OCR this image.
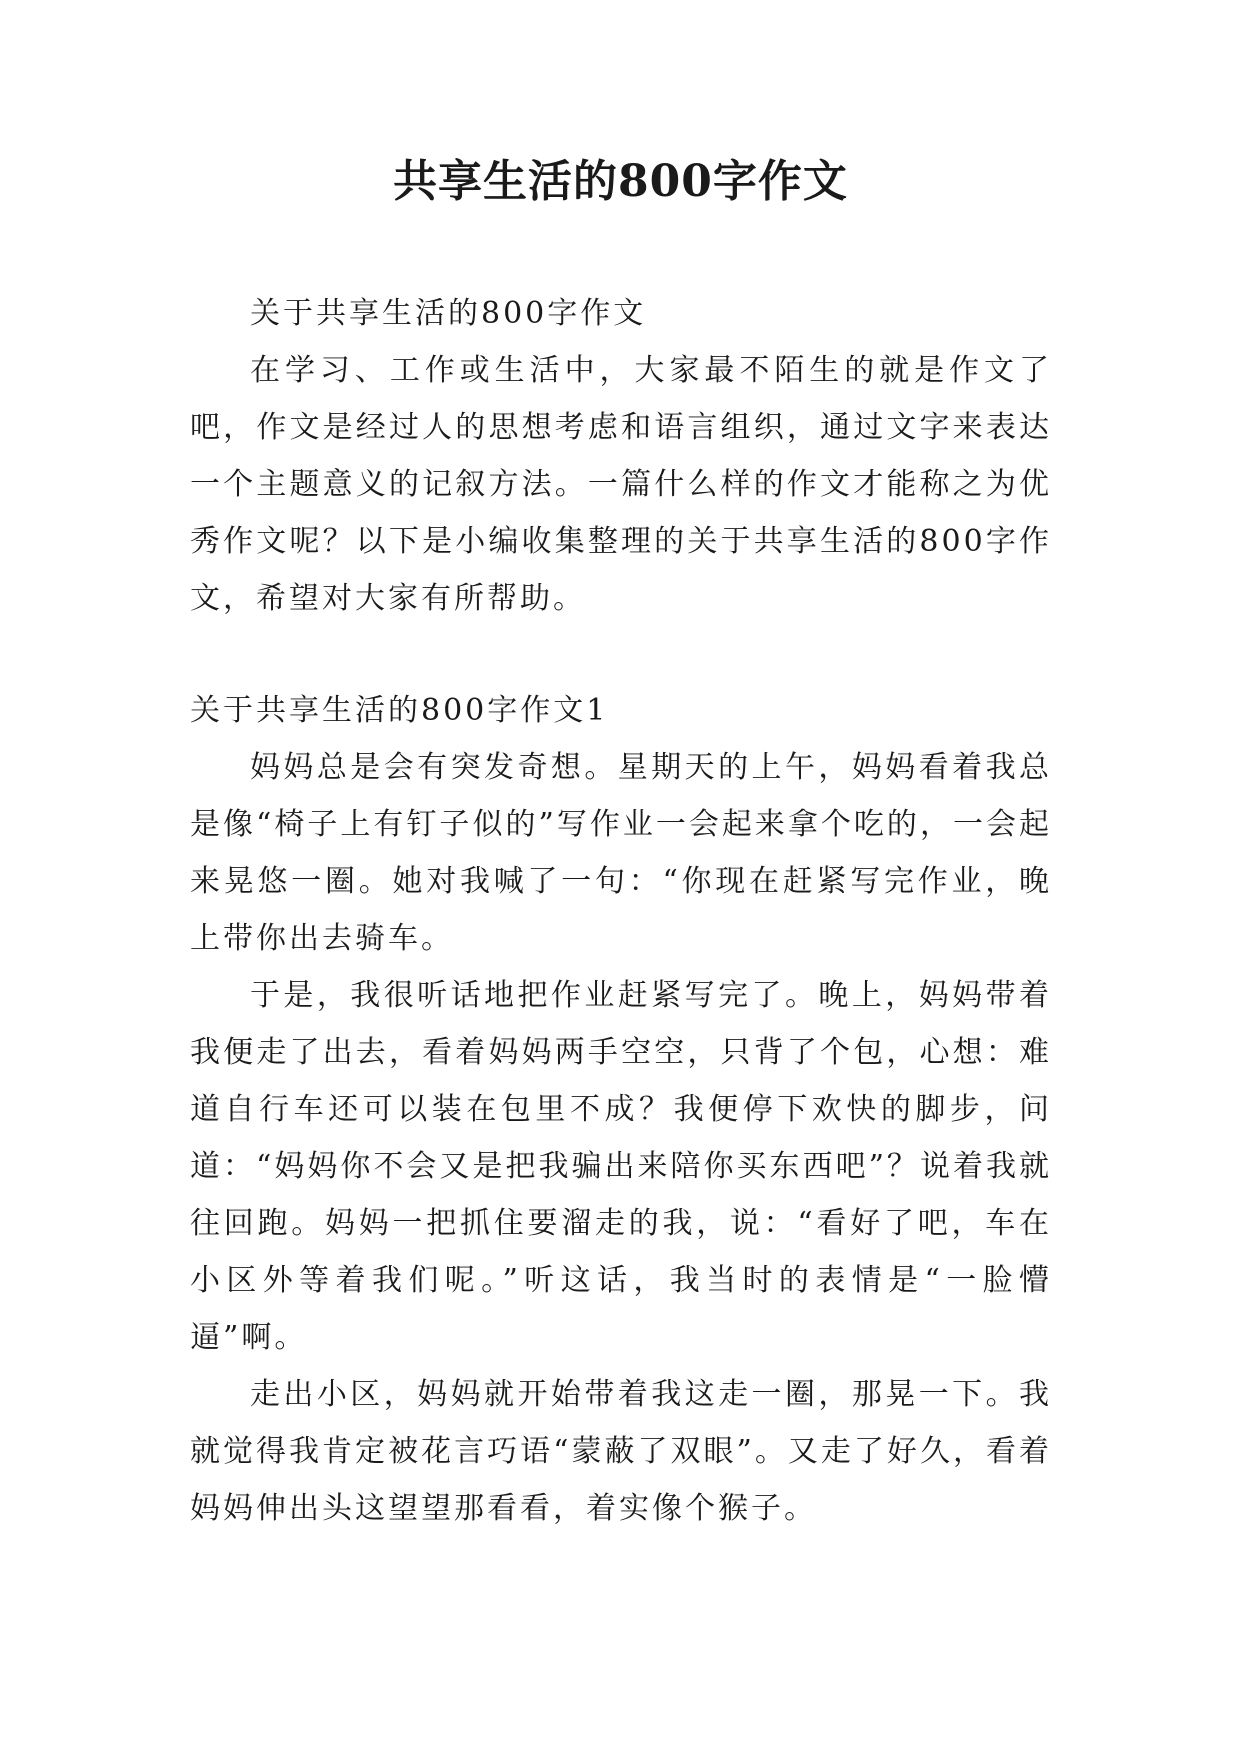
共享生活的800字作文

关于共享生活的800字作文

在学习、工作或生活中，大家最不陌生的就是作文了吧，作文是经过人的思想考虑和语言组织，通过文字来表达一个主题意义的记叙方法。一篇什么样的作文才能称之为优秀作文呢？以下是小编收集整理的关于共享生活的800字作文，希望对大家有所帮助。

关于共享生活的800字作文1

妈妈总是会有突发奇想。星期天的上午，妈妈看着我总是像“椅子上有钉子似的”写作业一会起来拿个吃的，一会起来晃悠一圈。她对我喊了一句：“你现在赶紧写完作业，晚上带你出去骑车。

于是，我很听话地把作业赶紧写完了。晚上，妈妈带着我便走了出去，看着妈妈两手空空，只背了个包，心想：难道自行车还可以装在包里不成？我便停下欢快的脚步，问道：“妈妈你不会又是把我骗出来陪你买东西吧”？说着我就往回跑。妈妈一把抓住要溜走的我，说：“看好了吧，车在小区外等着我们呢。”听这话，我当时的表情是“一脸懵逼”啊。

走出小区，妈妈就开始带着我这走一圈，那晃一下。我就觉得我肯定被花言巧语“蒙蔽了双眼”。又走了好久，看着妈妈伸出头这望望那看看，着实像个猴子。
